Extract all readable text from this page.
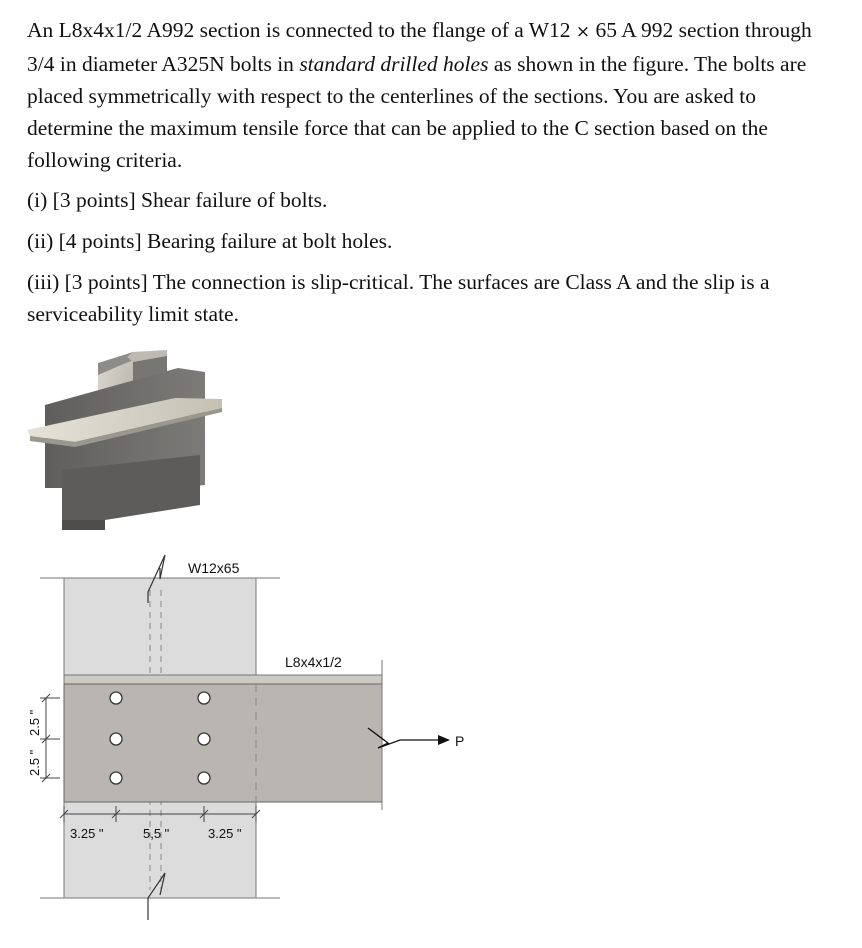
An L8x4x1/2 A992 section is connected to the flange of a W12 × 65 A 992 section through 3/4 in diameter A325N bolts in standard drilled holes as shown in the figure. The bolts are placed symmetrically with respect to the centerlines of the sections. You are asked to determine the maximum tensile force that can be applied to the C section based on the following criteria.

(i) [3 points] Shear failure of bolts.

(ii) [4 points] Bearing failure at bolt holes.

(iii) [3 points] The connection is slip-critical. The surfaces are Class A and the slip is a serviceability limit state.

W12x65
L8x4x1/2
P
2.5 "
2.5 "
3.25 "	5,5 "	3.25 "
